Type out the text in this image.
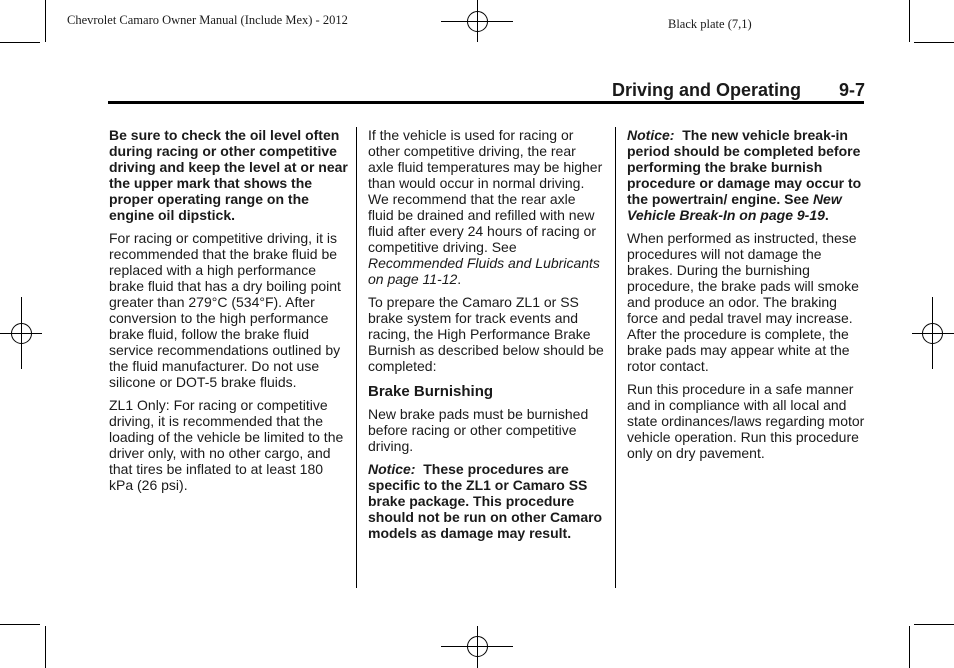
Chevrolet Camaro Owner Manual (Include Mex) - 2012	Black plate (7,1)
Driving and Operating 9-7

Be sure to check the oil level often during racing or other competitive driving and keep the level at or near the upper mark that shows the proper operating range on the engine oil dipstick.

For racing or competitive driving, it is recommended that the brake fluid be replaced with a high performance brake fluid that has a dry boiling point greater than 279°C (534°F). After conversion to the high performance brake fluid, follow the brake fluid service recommendations outlined by the fluid manufacturer. Do not use silicone or DOT-5 brake fluids.

ZL1 Only: For racing or competitive driving, it is recommended that the loading of the vehicle be limited to the driver only, with no other cargo, and that tires be inflated to at least 180 kPa (26 psi).

If the vehicle is used for racing or other competitive driving, the rear axle fluid temperatures may be higher than would occur in normal driving. We recommend that the rear axle fluid be drained and refilled with new fluid after every 24 hours of racing or competitive driving. See Recommended Fluids and Lubricants on page 11-12.

To prepare the Camaro ZL1 or SS brake system for track events and racing, the High Performance Brake Burnish as described below should be completed:

Brake Burnishing

New brake pads must be burnished before racing or other competitive driving.

Notice: These procedures are specific to the ZL1 or Camaro SS brake package. This procedure should not be run on other Camaro models as damage may result.

Notice: The new vehicle break-in period should be completed before performing the brake burnish procedure or damage may occur to the powertrain/ engine. See New Vehicle Break-In on page 9-19.

When performed as instructed, these procedures will not damage the brakes. During the burnishing procedure, the brake pads will smoke and produce an odor. The braking force and pedal travel may increase. After the procedure is complete, the brake pads may appear white at the rotor contact.

Run this procedure in a safe manner and in compliance with all local and state ordinances/laws regarding motor vehicle operation. Run this procedure only on dry pavement.
